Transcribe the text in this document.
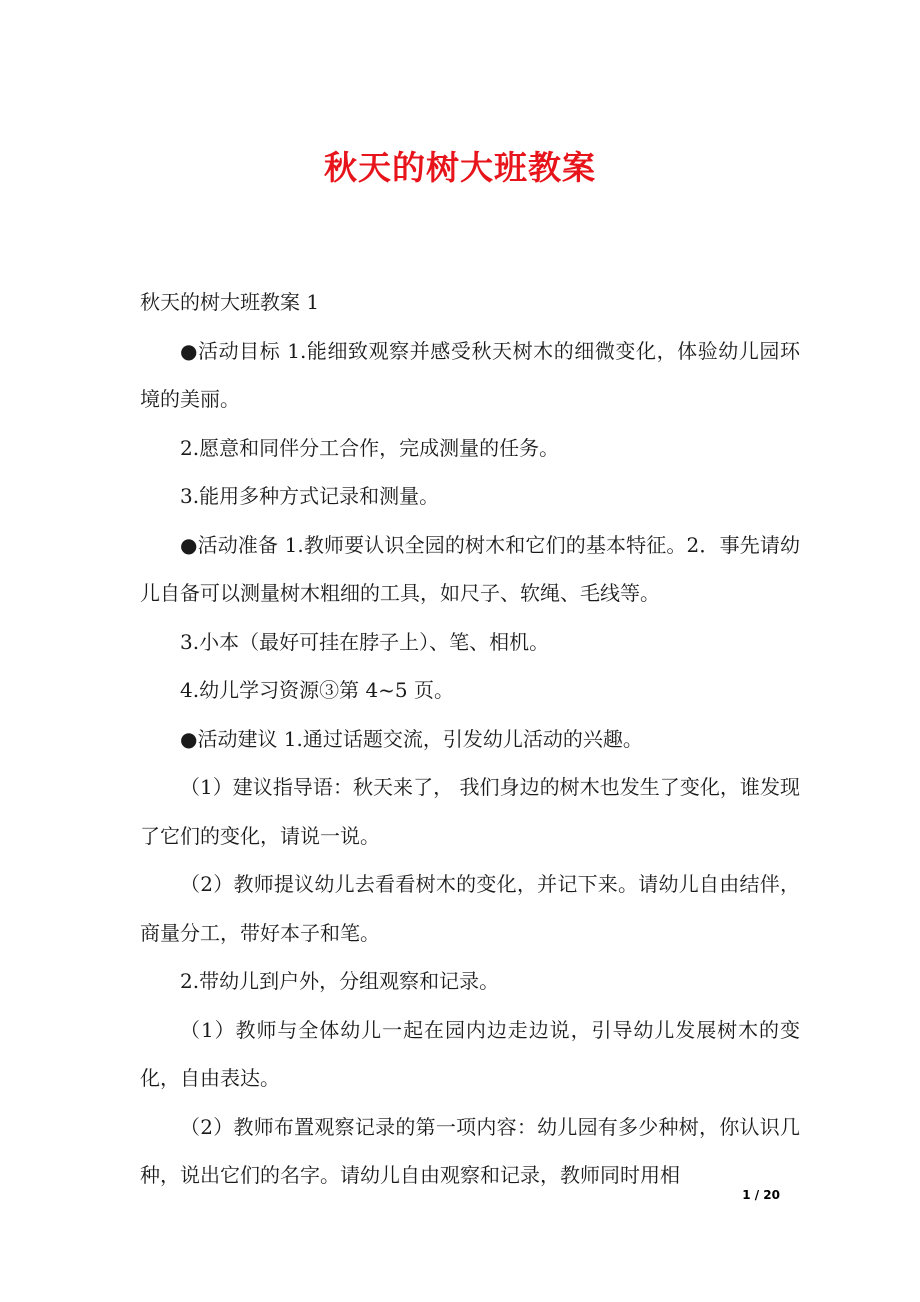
秋天的树大班教案

秋天的树大班教案 1

●活动目标 1.能细致观察并感受秋天树木的细微变化，体验幼儿园环境的美丽。

2.愿意和同伴分工合作，完成测量的任务。

3.能用多种方式记录和测量。

●活动准备 1.教师要认识全园的树木和它们的基本特征。2．事先请幼儿自备可以测量树木粗细的工具，如尺子、软绳、毛线等。

3.小本（最好可挂在脖子上）、笔、相机。

4.幼儿学习资源③第 4~5 页。

●活动建议 1.通过话题交流，引发幼儿活动的兴趣。

（1）建议指导语：秋天来了， 我们身边的树木也发生了变化，谁发现了它们的变化，请说一说。

（2）教师提议幼儿去看看树木的变化，并记下来。请幼儿自由结伴，商量分工，带好本子和笔。

2.带幼儿到户外，分组观察和记录。

（1）教师与全体幼儿一起在园内边走边说，引导幼儿发展树木的变化，自由表达。

（2）教师布置观察记录的第一项内容：幼儿园有多少种树，你认识几种，说出它们的名字。请幼儿自由观察和记录，教师同时用相

1 / 20
